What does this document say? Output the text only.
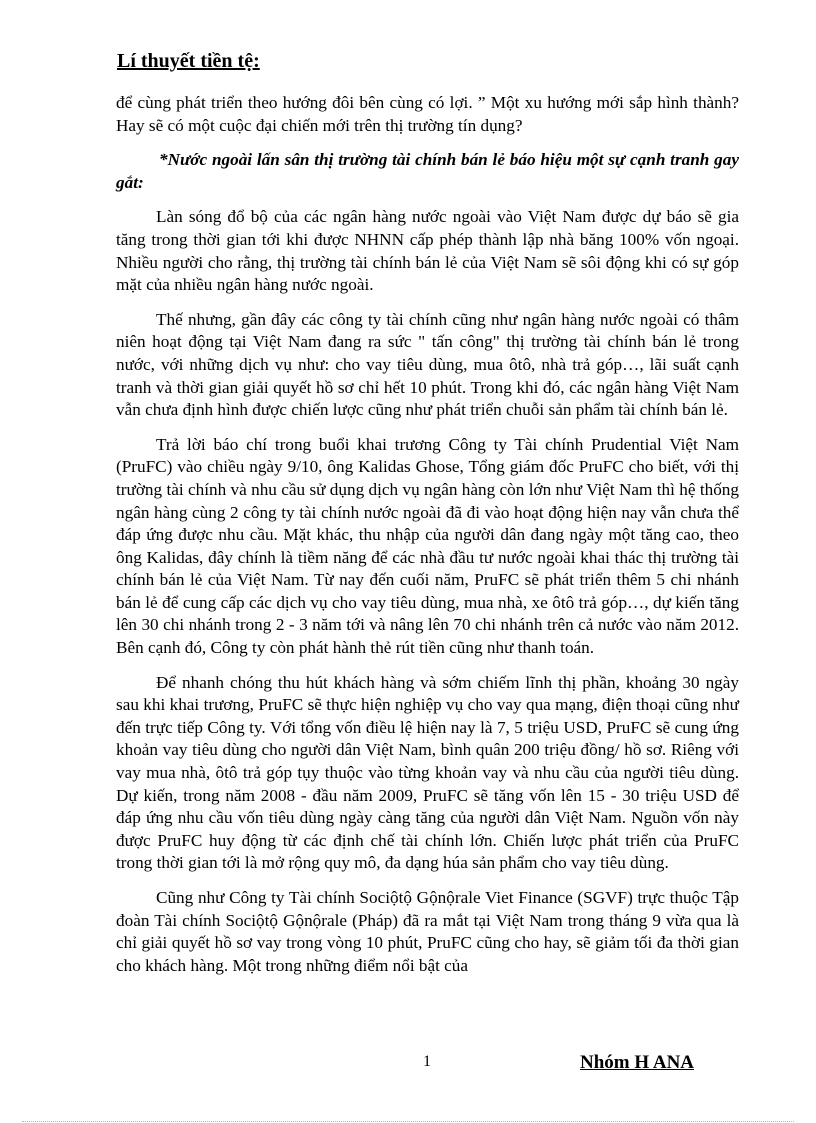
Lí thuyết tiền tệ:

để cùng phát triển theo hướng đôi bên cùng có lợi. ” Một xu hướng mới sắp hình thành? Hay sẽ có một cuộc đại chiến mới trên thị trường tín dụng?

*Nước ngoài lấn sân thị trường tài chính bán lẻ báo hiệu một sự cạnh tranh gay gắt:

Làn sóng đổ bộ của các ngân hàng nước ngoài vào Việt Nam được dự báo sẽ gia tăng trong thời gian tới khi được NHNN cấp phép thành lập nhà băng 100% vốn ngoại. Nhiều người cho rằng, thị trường tài chính bán lẻ của Việt Nam sẽ sôi động khi có sự góp mặt của nhiều ngân hàng nước ngoài.

Thế nhưng, gần đây các công ty tài chính cũng như ngân hàng nước ngoài có thâm niên hoạt động tại Việt Nam đang ra sức " tấn công" thị trường tài chính bán lẻ trong nước, với những dịch vụ như: cho vay tiêu dùng, mua ôtô, nhà trả góp…, lãi suất cạnh tranh và thời gian giải quyết hồ sơ chỉ hết 10 phút. Trong khi đó, các ngân hàng Việt Nam vẫn chưa định hình được chiến lược cũng như phát triển chuỗi sản phẩm tài chính bán lẻ.

Trả lời báo chí trong buổi khai trương Công ty Tài chính Prudential Việt Nam (PruFC) vào chiều ngày 9/10, ông Kalidas Ghose, Tổng giám đốc PruFC cho biết, với thị trường tài chính và nhu cầu sử dụng dịch vụ ngân hàng còn lớn như Việt Nam thì hệ thống ngân hàng cùng 2 công ty tài chính nước ngoài đã đi vào hoạt động hiện nay vẫn chưa thể đáp ứng được nhu cầu. Mặt khác, thu nhập của người dân đang ngày một tăng cao, theo ông Kalidas, đây chính là tiềm năng để các nhà đầu tư nước ngoài khai thác thị trường tài chính bán lẻ của Việt Nam. Từ nay đến cuối năm, PruFC sẽ phát triển thêm 5 chi nhánh bán lẻ để cung cấp các dịch vụ cho vay tiêu dùng, mua nhà, xe ôtô trả góp…, dự kiến tăng lên 30 chi nhánh trong 2 - 3 năm tới và nâng lên 70 chi nhánh trên cả nước vào năm 2012. Bên cạnh đó, Công ty còn phát hành thẻ rút tiền cũng như thanh toán.

Để nhanh chóng thu hút khách hàng và sớm chiếm lĩnh thị phần, khoảng 30 ngày sau khi khai trương, PruFC sẽ thực hiện nghiệp vụ cho vay qua mạng, điện thoại cũng như đến trực tiếp Công ty. Với tổng vốn điều lệ hiện nay là 7, 5 triệu USD, PruFC sẽ cung ứng khoản vay tiêu dùng cho người dân Việt Nam, bình quân 200 triệu đồng/ hồ sơ. Riêng với vay mua nhà, ôtô trả góp tụy thuộc vào từng khoản vay và nhu cầu của người tiêu dùng. Dự kiến, trong năm 2008 - đầu năm 2009, PruFC sẽ tăng vốn lên 15 - 30 triệu USD để đáp ứng nhu cầu vốn tiêu dùng ngày càng tăng của người dân Việt Nam. Nguồn vốn này được PruFC huy động từ các định chế tài chính lớn. Chiến lược phát triển của PruFC trong thời gian tới là mở rộng quy mô, đa dạng húa sản phẩm cho vay tiêu dùng.

Cũng như Công ty Tài chính Sociộtộ Gộnộrale Viet Finance (SGVF) trực thuộc Tập đoàn Tài chính Sociộtộ Gộnộrale (Pháp) đã ra mắt tại Việt Nam trong tháng 9 vừa qua là chỉ giải quyết hồ sơ vay trong vòng 10 phút, PruFC cũng cho hay, sẽ giảm tối đa thời gian cho khách hàng. Một trong những điểm nổi bật của

1	Nhóm H ANA
